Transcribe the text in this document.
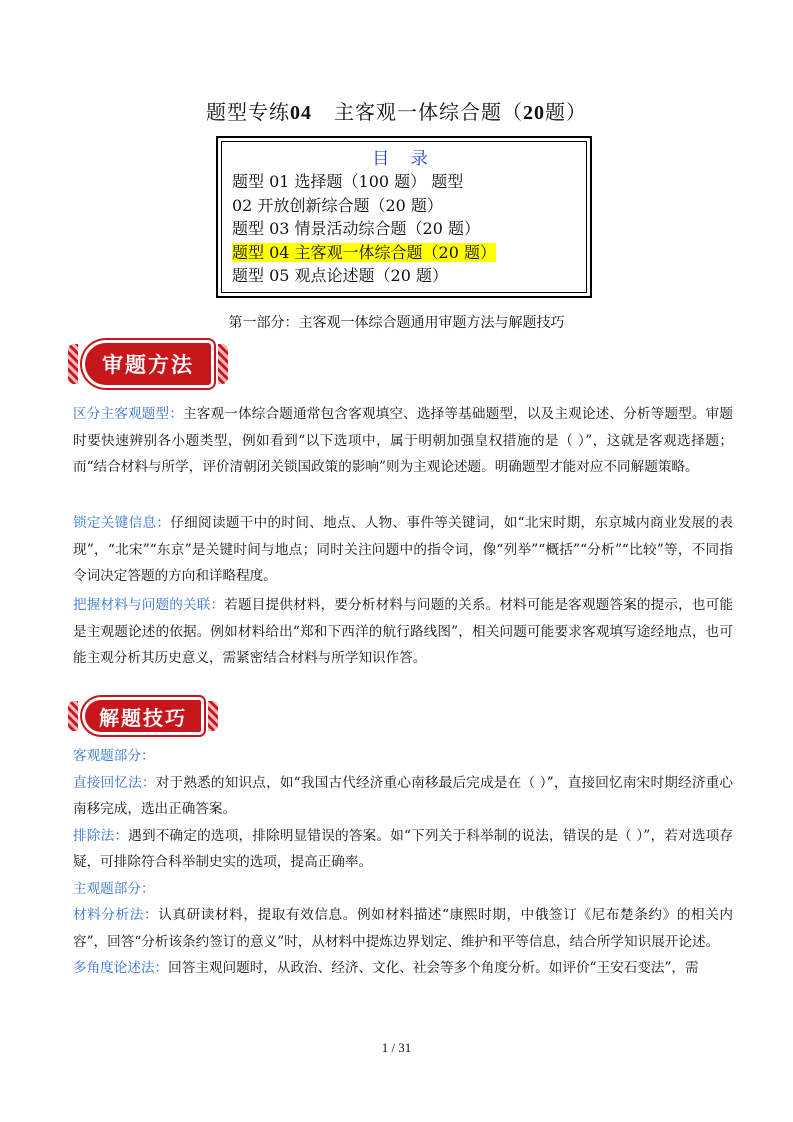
题型专练04 主客观一体综合题（20题）
目 录
题型 01 选择题（100 题） 题型
02 开放创新综合题（20 题）
题型 03 情景活动综合题（20 题）
题型 04 主客观一体综合题（20 题）
题型 05 观点论述题（20 题）
第一部分：主客观一体综合题通用审题方法与解题技巧
审题方法
区分主客观题型：主客观一体综合题通常包含客观填空、选择等基础题型，以及主观论述、分析等题型。审题时要快速辨别各小题类型，例如看到“以下选项中，属于明朝加强皇权措施的是（ ）”，这就是客观选择题；而“结合材料与所学，评价清朝闭关锁国政策的影响”则为主观论述题。明确题型才能对应不同解题策略。
锁定关键信息：仔细阅读题干中的时间、地点、人物、事件等关键词，如“北宋时期，东京城内商业发展的表现”，“北宋”“东京”是关键时间与地点；同时关注问题中的指令词，像“列举”“概括”“分析”“比较”等，不同指令词决定答题的方向和详略程度。
把握材料与问题的关联：若题目提供材料，要分析材料与问题的关系。材料可能是客观题答案的提示，也可能是主观题论述的依据。例如材料给出“郑和下西洋的航行路线图”，相关问题可能要求客观填写途经地点，也可能主观分析其历史意义，需紧密结合材料与所学知识作答。
解题技巧
客观题部分：
直接回忆法：对于熟悉的知识点，如“我国古代经济重心南移最后完成是在（ ）”，直接回忆南宋时期经济重心南移完成，选出正确答案。
排除法：遇到不确定的选项，排除明显错误的答案。如“下列关于科举制的说法，错误的是（ ）”，若对选项存疑，可排除符合科举制史实的选项，提高正确率。
主观题部分：
材料分析法：认真研读材料，提取有效信息。例如材料描述“康熙时期，中俄签订《尼布楚条约》的相关内容”，回答“分析该条约签订的意义”时，从材料中提炼边界划定、维护和平等信息，结合所学知识展开论述。
多角度论述法：回答主观问题时，从政治、经济、文化、社会等多个角度分析。如评价“王安石变法”，需
1 / 31
